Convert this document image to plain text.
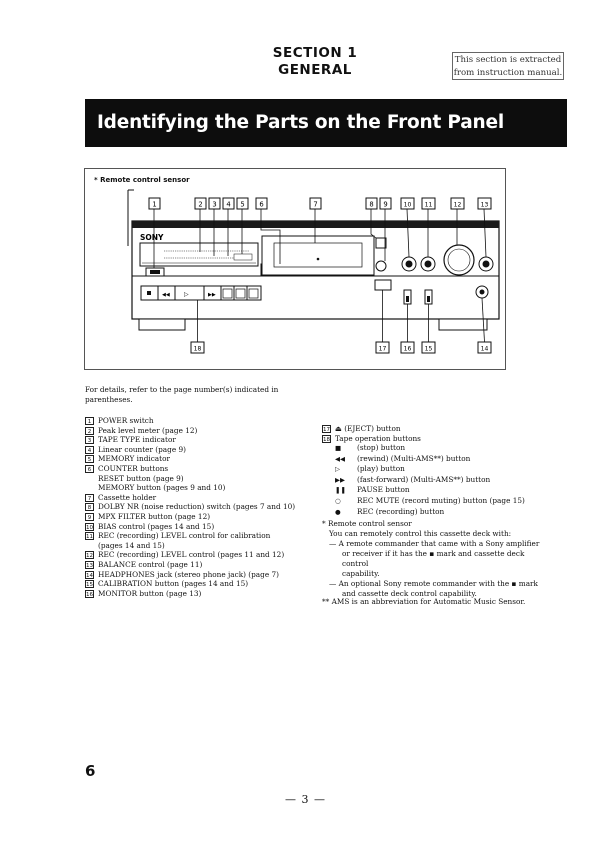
SECTION 1
GENERAL
This section is extracted
from instruction manual.
Identifying the Parts on the Front Panel
* Remote control sensor
SONY
◀◀ ▷	▶▶
1	2 3 4 5 6	7	8 9	10 11	12	13
18	17	16 15	14
For details, refer to the page number(s) indicated in parentheses.
1 POWER switch
2 Peak level meter (page 12)
3 TAPE TYPE indicator
4 Linear counter (page 9)
5 MEMORY indicator
6 COUNTER buttons
RESET button (page 9)
MEMORY button (pages 9 and 10)
7 Cassette holder
8 DOLBY NR (noise reduction) switch (pages 7 and 10)
9 MPX FILTER button (page 12)
10 BIAS control (pages 14 and 15)
11 REC (recording) LEVEL control for calibration
(pages 14 and 15)
12 REC (recording) LEVEL control (pages 11 and 12)
13 BALANCE control (page 11)
14 HEADPHONES jack (stereo phone jack) (page 7)
15 CALIBRATION button (pages 14 and 15)
16 MONITOR button (page 13)
17 ⏏ (EJECT) button
18 Tape operation buttons
■ (stop) button
◀◀ (rewind) (Multi-AMS**) button
▷ (play) button
▶▶ (fast-forward) (Multi-AMS**) button
❚❚ PAUSE button
○ REC MUTE (record muting) button (page 15)
● REC (recording) button
* Remote control sensor
You can remotely control this cassette deck with:
— A remote commander that came with a Sony amplifier
or receiver if it has the ▪ mark and cassette deck control
capability.
— An optional Sony remote commander with the ▪ mark
and cassette deck control capability.
** AMS is an abbreviation for Automatic Music Sensor.
6
— 3 —
